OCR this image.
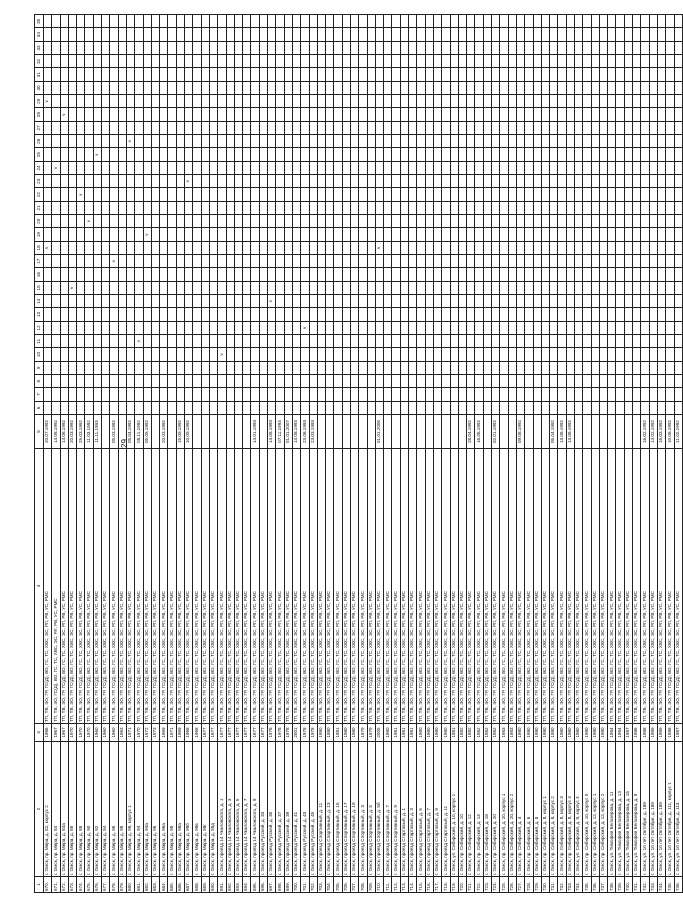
29
1	2	3	4	5	6	7	8	9	10	11	12	13	14	15	16	17	18	19	20	21	22	23	24	25	26	27	28	29	30	31	32	33	34	35
670.	г. Омск, пр. Мира, д. 82, корпус 2	1966	ТП, ТВ, ЭО, ГР, ГС(Д), ВО, ГС, ТС, ХВС, ЭС, РЛ, РВ, УС, РМС	20.07.1992													v											v						
671.	г. Омск, пр. Мира, д. 84	1967	ТП, ТВ, ЭО, ГС(Д), ВО, ГС, ТС, ХВС, ЭС, РЛ, РВ, УС, РМС	14.06.1992																			v											
672.	г. Омск, пр. Мира, д. 84а	1967	ТП, ТВ, ЭО, ГР, ГС(Д), ВО, ГС, ТС, ХВС, ЭС, РЛ, РВ, УС, РМС	14.06.1992																							v							
673.	г. Омск, пр. Мира, д. 86	1970	ТП, ТВ, ЭО, ГР, ГС(Д), ВО, ГС, ТС, ХВС, ЭС, РЛ, РВ, УС, РМС	20.03.1992										v																				
674.	г. Омск, пр. Мира, д. 88	1970	ТП, ТВ, ЭО, ГР, ГС(Д), ВО, ГС, ТС, ХВС, ЭС, РЛ, РВ, УС, РМС	25.03.1992																	v													
675.	г. Омск, пр. Мира, д. 90	1970	ТП, ТВ, ЭО, ГР, ГС(Д), ВО, ГС, ТС, ХВС, ЭС, РЛ, РВ, УС, РМС	11.03.1992															v															
676.	г. Омск, пр. Мира, д. 92	1960	ТП, ТВ, ЭО, ГР, ГС(Д), ВО, ГС, ТС, ХВС, ЭС, РЛ, РВ, УС, РМС	11.11.1993																				v										
677.	г. Омск, пр. Мира, д. 94	1960	ТП, ТВ, ЭО, ГР, ГС(Д), ВО, ГС, ТС, ХВС, ЭС, РЛ, РВ, УС, РМС																															
678.	г. Омск, пр. Мира, д. 96	1960	ТП, ТВ, ЭО, ГР, ГС(Д), ВО, ГС, ТС, ХВС, ЭС, РЛ, РВ, УС, РМС	05.03.1992												v																		
679.	г. Омск, пр. Мира, д. 98	1963	ТП, ТВ, ЭО, ГР, ГС(Д), ВО, ГС, ТС, ХВС, ЭС, РЛ, РВ, УС, РМС																															
680.	г. Омск, пр. Мира, д. 98, корпус 1	1971	ТП, ТВ, ЭО, ГР, ГС(Д), ВО, ГС, ТС, ХВС, ЭС, РЛ, РВ, УС, РМС	05.04.1992																					v									
681.	г. Омск, пр. Мира, д. 94	1970	ТП, ТВ, ЭО, ГР, ГС(Д), ВО, ГС, ТС, ХВС, ЭС, РЛ, РВ, УС, РМС	05.11.1992						v																								
682.	г. Омск, пр. Мира, д. 94а	1972	ТП, ТВ, ЭО, ГР, ГС(Д), ВО, ГС, ТС, ХВС, ЭС, РЛ, РВ, УС, РМС	05.05.1992														v																
683.	г. Омск, пр. Мира, д. 96	1973	ТП, ТВ, ЭО, ГР, ГС(Д), ВО, ГС, ТС, ХВС, ЭС, РЛ, РВ, УС, РМС																															
684.	г. Омск, пр. Мира, д. 96а	1969	ТП, ТВ, ЭО, ГР, ГС(Д), ВО, ГС, ТС, ХВС, ЭС, РЛ, РВ, УС, РМС	20.03.1992																														
685.	г. Омск, пр. Мира, д. 98	1971	ТП, ТВ, ЭО, ГР, ГС(Д), ВО, ГС, ТС, ХВС, ЭС, РЛ, РВ, УС, РМС																															
686.	г. Омск, пр. Мира, д. 98а	1969	ТП, ТВ, ЭО, ГР, ГС(Д), ВО, ГС, ТС, ХВС, ЭС, РЛ, РВ, УС, РМС	15.09.1992																														
687.	г. Омск, пр. Мира, д. 98б	1968	ТП, ТВ, ЭО, ГР, ГС(Д), ВО, ГС, ТС, ХВС, ЭС, РЛ, РВ, УС, РМС	10.09.1992																		v												
688.	г. Омск, пр. Мира, д. 98в	1968	ТП, ТВ, ЭО, ГР, ГС(Д), ВО, ГС, ТС, ХВС, ЭС, РЛ, РВ, УС, РМС																															
689.	г. Омск, пр. Мира, д. 98г	1977	ТП, ТВ, ЭО, ГР, ГС(Д), ВО, ГС, ТС, ХВС, ЭС, РЛ, РВ, УС, РМС																															
690.	г. Омск, пр. Мира, д. 98д	1977	ТП, ТВ, ЭО, ГР, ГС(Д), ВО, ГС, ТС, ХВС, ЭС, РЛ, РВ, УС, РМС																															
691.	г. Омск, проезд 14 Чкаловского, д. 1	1977	ТП, ТВ, ЭО, ГР, ГС(Д), ВО, ГС, ТС, ХВС, ЭС, РЛ, РВ, УС, РМС						v																									
692.	г. Омск, проезд 14 Чкаловского, д. 3	1977	ТП, ТВ, ЭО, ГР, ГС(Д), ВО, ГС, ТС, ХВС, ЭС, РЛ, РВ, УС, РМС																															
693.	г. Омск, проезд 14 Чкаловского, д. 5	1977	ТП, ТВ, ЭО, ГР, ГС(Д), ВО, ГС, ТС, ХВС, ЭС, РЛ, РВ, УС, РМС																															
694.	г. Омск, проезд 14 Чкаловского, д. 7	1977	ТП, ТВ, ЭО, ГР, ГС(Д), ВО, ГС, ТС, ХВС, ЭС, РЛ, РВ, УС, РМС																															
695.	г. Омск, проезд 14 Чкаловского, д. 9	1977	ТП, ТВ, ЭО, ГР, ГС(Д), ВО, ГС, ТС, ХВС, ЭС, РЛ, РВ, УС, РМС	14.01.1993																														
696.	г. Омск, проезд Русский, д. 33	1977	ТП, ТВ, ЭО, ГР, ГС(Д), ВО, ГС, ТС, ХВС, ЭС, РЛ, РВ, УС, РМС																															
697.	г. Омск, проезд Русский, д. 35	1978	ТП, ТВ, ЭО, ГР, ГС(Д), ВО, ГС, ТС, ХВС, ЭС, РЛ, РВ, УС, РМС	14.08.1993									v																					
698.	г. Омск, проезд Русский, д. 37	1978	ТП, ТВ, ЭО, ГР, ГС(Д), ВО, ГС, ТС, ХВС, ЭС, РЛ, РВ, УС, РМС	07.11.1993																														
699.	г. Омск, проезд Русский, д. 39	1978	ТП, ТВ, ЭО, ГР, ГС(Д), ВО, ГС, ТС, ХВС, ЭС, РЛ, РВ, УС, РМС	01.01.2007																														
700.	г. Омск, проезд Русский, д. 41	2001	ТП, ТВ, ЭО, ГР, ГС(Д), ВО, ГС, ТС, ХВС, ЭС, РЛ, РВ, УС, РМС	14.08.1993																														
701.	г. Омск, проезд Русский, д. 43	1978	ТП, ТВ, ЭО, ГР, ГС(Д), ВО, ГС, ТС, ХВС, ЭС, РЛ, РВ, УС, РМС	23.06.1993							v																							
702.	г. Омск, проезд Русский, д. 45	1978	ТП, ТВ, ЭО, ГР, ГС(Д), ВО, ГС, ТС, ХВС, ЭС, РЛ, РВ, УС, РМС	23.03.1993																														
703.	г. Омск, проезд Спортивный, д. 11	1980	ТП, ТВ, ЭО, ГР, ГС(Д), ВО, ГС, ТС, ХВС, ЭС, РЛ, РВ, УС, РМС																															
704.	г. Омск, проезд Спортивный, д. 13	1980	ТП, ТВ, ЭО, ГР, ГС(Д), ВО, ГС, ТС, ХВС, ЭС, РЛ, РВ, УС, РМС																															
705.	г. Омск, проезд Спортивный, д. 15	1981	ТП, ТВ, ЭО, ГР, ГС(Д), ВО, ГС, ТС, ХВС, ЭС, РЛ, РВ, УС, РМС																															
706.	г. Омск, проезд Спортивный, д. 17	1980	ТП, ТВ, ЭО, ГР, ГС(Д), ВО, ГС, ТС, ХВС, ЭС, РЛ, РВ, УС, РМС																															
707.	г. Омск, проезд Спортивный, д. 19	1980	ТП, ТВ, ЭО, ГР, ГС(Д), ВО, ГС, ТС, ХВС, ЭС, РЛ, РВ, УС, РМС																															
708.	г. Омск, проезд Спортивный, д. 3	1979	ТП, ТВ, ЭО, ГР, ГС(Д), ВО, ГС, ТС, ХВС, ЭС, РЛ, РВ, УС, РМС																															
709.	г. Омск, проезд Спортивный, д. 5	1979	ТП, ТВ, ЭО, ГР, ГС(Д), ВО, ГС, ТС, ХВС, ЭС, РЛ, РВ, УС, РМС																															
710.	г. Омск, проезд Спортивный, д. 5б	2005	ТП, ТВ, ЭО, ГР, ГС(Д), ВО, ГС, ТС, ХВС, ЭС, РЛ, РВ, УС, РМС	01.01.2006													v																	
711.	г. Омск, проезд Спортивный, д. 7	1980	ТП, ТВ, ЭО, ГР, ГС(Д), ВО, ГС, ТС, ХВС, ЭС, РЛ, РВ, УС, РМС																															
712.	г. Омск, проезд Спортивный, д. 9	1981	ТП, ТВ, ЭО, ГР, ГС(Д), ВО, ГС, ТС, ХВС, ЭС, РЛ, РВ, УС, РМС																															
713.	г. Омск, проезд Стартовый, д. 1	1981	ТП, ТВ, ЭО, ГР, ГС(Д), ВО, ГС, ТС, ХВС, ЭС, РЛ, РВ, УС, РМС																															
714.	г. Омск, проезд Стартовый, д. 3	1981	ТП, ТВ, ЭО, ГР, ГС(Д), ВО, ГС, ТС, ХВС, ЭС, РЛ, РВ, УС, РМС																															
715.	г. Омск, проезд Стартовый, д. 5	1980	ТП, ТВ, ЭО, ГР, ГС(Д), ВО, ГС, ТС, ХВС, ЭС, РЛ, РВ, УС, РМС																															
716.	г. Омск, проезд Стартовый, д. 7	1980	ТП, ТВ, ЭО, ГР, ГС(Д), ВО, ГС, ТС, ХВС, ЭС, РЛ, РВ, УС, РМС																															
717.	г. Омск, проезд Стартовый, д. 9	1980	ТП, ТВ, ЭО, ГР, ГС(Д), ВО, ГС, ТС, ХВС, ЭС, РЛ, РВ, УС, РМС																															
718.	г. Омск, проезд Стартовый, д. 11	1980	ТП, ТВ, ЭО, ГР, ГС(Д), ВО, ГС, ТС, ХВС, ЭС, РЛ, РВ, УС, РМС																															
719.	г. Омск, ул. Сибирский, д. 10, корпус 1	1981	ТП, ТВ, ЭО, ГР, ГС(Д), ВО, ГС, ТС, ХВС, ЭС, РЛ, РВ, УС, РМС																															
720.	г. Омск, пр. Сибирский, д. 10	1982	ТП, ТВ, ЭО, ГР, ГС(Д), ВО, ГС, ТС, ХВС, ЭС, РЛ, РВ, УС, РМС																															
721.	г. Омск, пр. Сибирский, д. 12	1982	ТП, ТВ, ЭО, ГР, ГС(Д), ВО, ГС, ТС, ХВС, ЭС, РЛ, РВ, УС, РМС	28.04.1992																														
722.	г. Омск, пр. Сибирский, д. 14	1982	ТП, ТВ, ЭО, ГР, ГС(Д), ВО, ГС, ТС, ХВС, ЭС, РЛ, РВ, УС, РМС	16.06.1992																														
723.	г. Омск, пр. Сибирский, д. 18	1982	ТП, ТВ, ЭО, ГР, ГС(Д), ВО, ГС, ТС, ХВС, ЭС, РЛ, РВ, УС, РМС																															
724.	г. Омск, пр. Сибирский, д. 20	1982	ТП, ТВ, ЭО, ГР, ГС(Д), ВО, ГС, ТС, ХВС, ЭС, РЛ, РВ, УС, РМС	02.01.1992																														
725.	г. Омск, пр. Сибирский, д. 20, корпус 1	1983	ТП, ТВ, ЭО, ГР, ГС(Д), ВО, ГС, ТС, ХВС, ЭС, РЛ, РВ, УС, РМС																															
726.	г. Омск, пр. Сибирский, д. 20, корпус 2	1983	ТП, ТВ, ЭО, ГР, ГС(Д), ВО, ГС, ТС, ХВС, ЭС, РЛ, РВ, УС, РМС																															
727.	г. Омск, пр. Сибирский, д. 4	1980	ТП, ТВ, ЭО, ГР, ГС(Д), ВО, ГС, ТС, ХВС, ЭС, РЛ, РВ, УС, РМС	09.06.1992																														
728.	г. Омск, пр. Сибирский, д. 6	1980	ТП, ТВ, ЭО, ГР, ГС(Д), ВО, ГС, ТС, ХВС, ЭС, РЛ, РВ, УС, РМС																															
729.	г. Омск, пр. Сибирский, д. 8	1980	ТП, ТВ, ЭО, ГР, ГС(Д), ВО, ГС, ТС, ХВС, ЭС, РЛ, РВ, УС, РМС																															
730.	г. Омск, пр. Сибирский, д. 8, корпус 1	1980	ТП, ТВ, ЭО, ГР, ГС(Д), ВО, ГС, ТС, ХВС, ЭС, РЛ, РВ, УС, РМС																															
731.	г. Омск, пр. Сибирский, д. 8, корпус 2	1980	ТП, ТВ, ЭО, ГР, ГС(Д), ВО, ГС, ТС, ХВС, ЭС, РЛ, РВ, УС, РМС	05.04.1992																														
732.	г. Омск, пр. Сибирский, д. 8, корпус 3	1980	ТП, ТВ, ЭО, ГР, ГС(Д), ВО, ГС, ТС, ХВС, ЭС, РЛ, РВ, УС, РМС	13.06.1992																														
733.	г. Омск, пр. Сибирский, д. 8, корпус 4	1980	ТП, ТВ, ЭО, ГР, ГС(Д), ВО, ГС, ТС, ХВС, ЭС, РЛ, РВ, УС, РМС	13.06.1992																														
734.	г. Омск, ул. Сибирский, д. 8, корпус 4	1980	ТП, ТВ, ЭО, ГР, ГС(Д), ВО, ГС, ТС, ХВС, ЭС, РЛ, РВ, УС, РМС																															
735.	г. Омск, пр. Сибирский, д. 10, корпус 5	1980	ТП, ТВ, ЭО, ГР, ГС(Д), ВО, ГС, ТС, ХВС, ЭС, РЛ, РВ, УС, РМС																															
736.	г. Омск, пр. Сибирский, д. 12, корпус 1	1980	ТП, ТВ, ЭО, ГР, ГС(Д), ВО, ГС, ТС, ХВС, ЭС, РЛ, РВ, УС, РМС																															
737.	г. Омск, пр. Сибирский, д. 12, корпус 2	1980	ТП, ТВ, ЭО, ГР, ГС(Д), ВО, ГС, ТС, ХВС, ЭС, РЛ, РВ, УС, РМС																															
738.	г. Омск, ул. Тимофея Белозерова, д. 11	1984	ТП, ТВ, ЭО, ГР, ГС(Д), ВО, ГС, ТС, ХВС, ЭС, РЛ, РВ, УС, РМС																															
739.	г. Омск, ул. Тимофея Белозерова, д. 13	1984	ТП, ТВ, ЭО, ГР, ГС(Д), ВО, ГС, ТС, ХВС, ЭС, РЛ, РВ, УС, РМС																															
740.	г. Омск, ул. Тимофея Белозерова, д. 15	1987	ТП, ТВ, ЭО, ГР, ГС(Д), ВО, ГС, ТС, ХВС, ЭС, РЛ, РВ, УС, РМС																															
741.	г. Омск, ул. Тимофея Белозерова, д. 9	1986	ТП, ТВ, ЭО, ГР, ГС(Д), ВО, ГС, ТС, ХВС, ЭС, РЛ, РВ, УС, РМС																															
742.	г. Омск, ул. 10 лет Октября, д. 189	1988	ТП, ТВ, ЭО, ГР, ГС(Д), ВО, ГС, ТС, ХВС, ЭС, РЛ, РВ, УС, РМС	16.02.1992																														
743.	г. Омск, ул. 10 лет Октября, д. 189	1989	ТП, ТВ, ЭО, ГР, ГС(Д), ВО, ГС, ТС, ХВС, ЭС, РЛ, РВ, УС, РМС	14.02.1992																														
744.	г. Омск, ул. 10 лет Октября, д. 189	1989	ТП, ТВ, ЭО, ГР, ГС(Д), ВО, ГС, ТС, ХВС, ЭС, РЛ, РВ, УС, РМС	16.03.1992																														
745.	г. Омск, ул. 10 лет Октября, д. 111, корпус 1	1988	ТП, ТВ, ЭО, ГР, ГС(Д), ВО, ГС, ТС, ХВС, ЭС, РЛ, РВ, УС, РМС	10.06.1992																														
746.	г. Омск, ул. 10 лет Октября, д. 113	1987	ТП, ТВ, ЭО, ГР, ГС(Д), ВО, ГС, ТС, ХВС, ЭС, РЛ, РВ, УС, РМС	11.02.1992																														
